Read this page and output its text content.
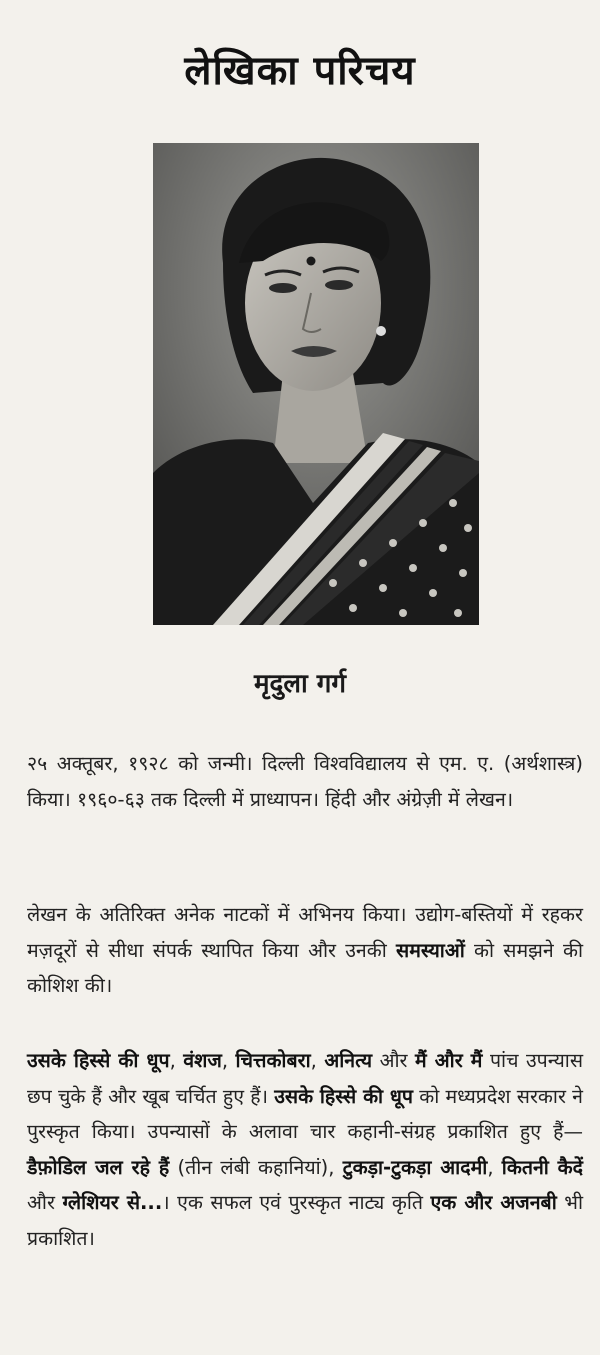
लेखिका परिचय
मृदुला गर्ग

२५ अक्तूबर, १९२८ को जन्मी। दिल्ली विश्वविद्यालय से एम. ए. (अर्थशास्त्र) किया। १९६०-६३ तक दिल्ली में प्राध्यापन। हिंदी और अंग्रेज़ी में लेखन।

लेखन के अतिरिक्त अनेक नाटकों में अभिनय किया। उद्योग-बस्तियों में रहकर मज़दूरों से सीधा संपर्क स्थापित किया और उनकी समस्याओं को समझने की कोशिश की।

उसके हिस्से की धूप, वंशज, चित्तकोबरा, अनित्य और मैं और मैं पांच उपन्यास छप चुके हैं और खूब चर्चित हुए हैं। उसके हिस्से की धूप को मध्यप्रदेश सरकार ने पुरस्कृत किया। उपन्यासों के अलावा चार कहानी-संग्रह प्रकाशित हुए हैं—डैफ़ोडिल जल रहे हैं (तीन लंबी कहानियां), टुकड़ा-टुकड़ा आदमी, कितनी कैदें और ग्लेशियर से...। एक सफल एवं पुरस्कृत नाट्य कृति एक और अजनबी भी प्रकाशित।
